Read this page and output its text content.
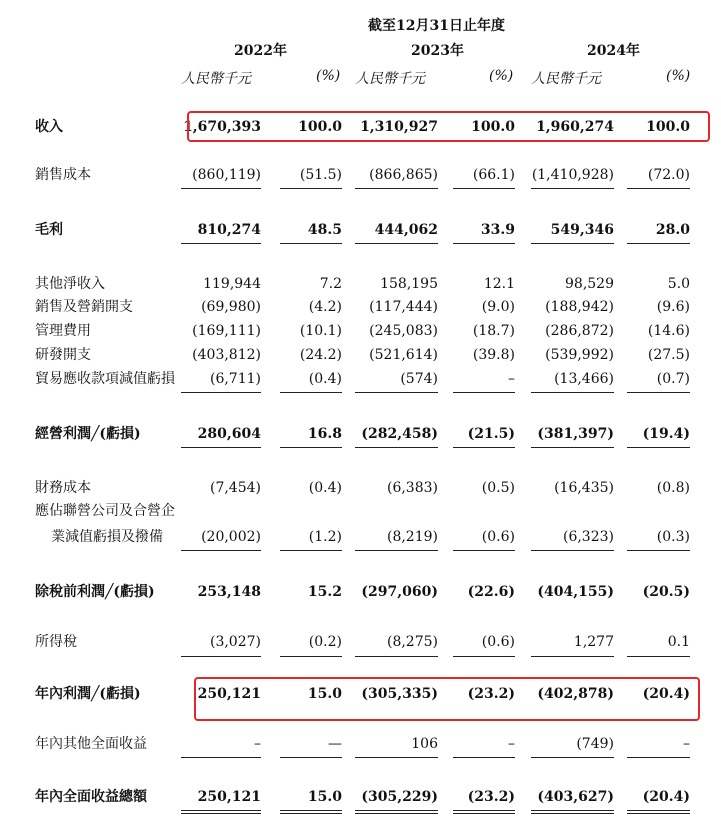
截至12月31日止年度
2022年	2023年	2024年
人民幣千元	(%) 人民幣千元	(%) 人民幣千元	(%)
收入	1,670,393	100.0 1,310,927 100.0 1,960,274 100.0
銷售成本	(860,119)	(51.5) (866,865) (66.1) (1,410,928) (72.0)
毛利	810,274	48.5 444,062	33.9	549,346	28.0
其他淨收入	119,944	7.2	158,195	12.1	98,529	5.0
銷售及營銷開支	(69,980)	(4.2) (117,444)	(9.0) (188,942)	(9.6)
管理費用	(169,111)	(10.1) (245,083) (18.7) (286,872) (14.6)
研發開支	(403,812)	(24.2) (521,614) (39.8) (539,992) (27.5)
貿易應收款項減值虧損 (6,711)	(0.4)	(574)	–	(13,466)	(0.7)
經營利潤╱(虧損)	280,604	16.8 (282,458) (21.5) (381,397) (19.4)
財務成本	(7,454)	(0.4)	(6,383)	(0.5)	(16,435)	(0.8)
應佔聯營公司及合營企
業減值虧損及撥備	(20,002)	(1.2)	(8,219)	(0.6)	(6,323)	(0.3)
除稅前利潤╱(虧損)	253,148	15.2 (297,060) (22.6) (404,155) (20.5)
所得稅	(3,027)	(0.2)	(8,275)	(0.6)	1,277	0.1
年內利潤╱(虧損)	250,121	15.0 (305,335) (23.2) (402,878) (20.4)
年內其他全面收益	–	—	106	–	(749)	–
年內全面收益總額	250,121	15.0 (305,229) (23.2) (403,627) (20.4)
